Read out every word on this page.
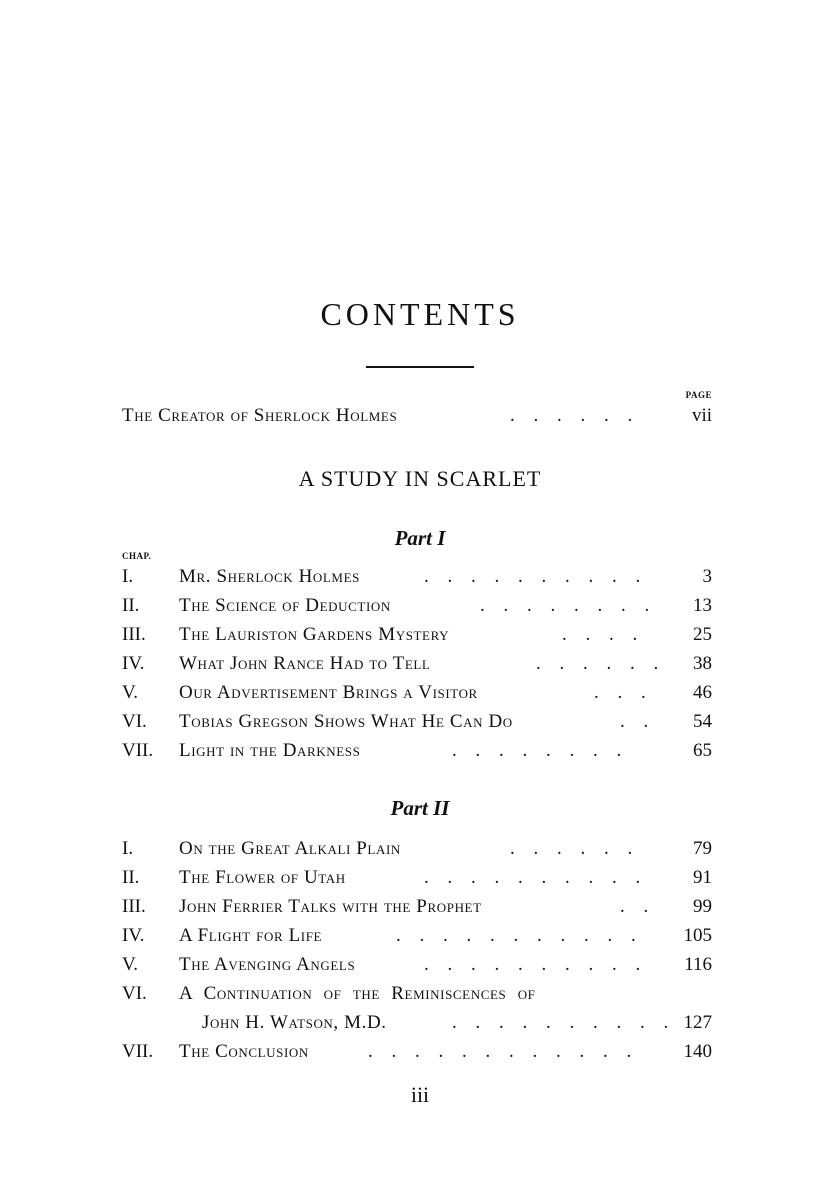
CONTENTS
PAGE
The Creator of Sherlock Holmes	. . . . . .	vii
A STUDY IN SCARLET
Part I
CHAP.
I. Mr. Sherlock Holmes	. . . . . . . . . .	3
II. The Science of Deduction	. . . . . . . .	13
III. The Lauriston Gardens Mystery	. . . .	25
IV. What John Rance Had to Tell	. . . . . .	38
V. Our Advertisement Brings a Visitor	. . .	46
VI. Tobias Gregson Shows What He Can Do	. .	54
VII. Light in the Darkness	. . . . . . . .	65
Part II
I. On the Great Alkali Plain	. . . . . .	79
II. The Flower of Utah	. . . . . . . . . .	91
III. John Ferrier Talks with the Prophet	. .	99
IV. A Flight for Life	. . . . . . . . . . .	105
V. The Avenging Angels	. . . . . . . . . .	116
VI. A Continuation of the Reminiscences of
John H. Watson, M.D.	. . . . . . . . . . 127
VII. The Conclusion	. . . . . . . . . . . .	140
iii
